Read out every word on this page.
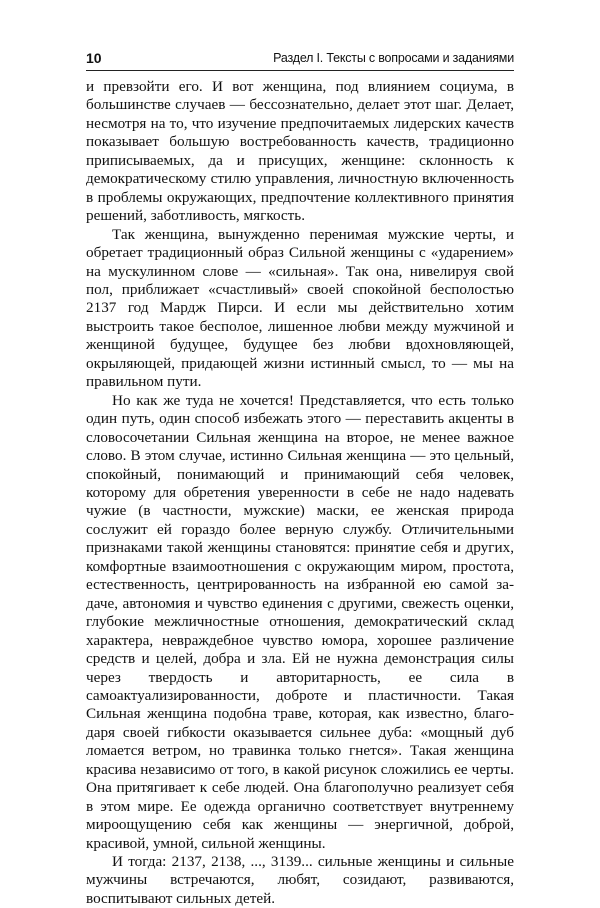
10	Раздел I. Тексты с вопросами и заданиями

и превзойти его. И вот женщина, под влиянием социума, в большинстве случаев — бессознательно, делает этот шаг. Делает, несмотря на то, что изучение предпочитаемых лидерских качеств показывает большую востребованность качеств, традиционно приписываемых, да и присущих, женщине: склонность к демократическому стилю управления, личностную включенность в проблемы окружающих, предпочтение коллективного принятия решений, заботливость, мягкость.

Так женщина, вынужденно перенимая мужские черты, и обретает традиционный образ Сильной женщины с «ударением» на мускулинном слове — «сильная». Так она, нивелируя свой пол, приближает «счастливый» своей спокойной бесполостью 2137 год Мардж Пирси. И если мы действительно хотим выстроить такое бесполое, лишенное любви между мужчиной и женщиной будущее, будущее без любви вдохновляющей, окрыляющей, придающей жизни истинный смысл, то — мы на правильном пути.

Но как же туда не хочется! Представляется, что есть только один путь, один способ избежать этого — переставить акценты в словосочетании Сильная женщина на второе, не менее важное слово. В этом случае, истинно Сильная женщина — это цельный, спокойный, понимающий и принимающий себя человек, которому для обретения уверенности в себе не надо надевать чужие (в частности, мужские) маски, ее женская природа сослужит ей гораздо более верную службу. Отличительными признаками такой женщины становятся: принятие себя и других, комфортные взаимоотношения с окружающим миром, простота, естественность, центрированность на избранной ею самой задаче, автономия и чувство единения с другими, свежесть оценки, глубокие межличностные отношения, демократический склад характера, невраждебное чувство юмора, хорошее различение средств и целей, добра и зла. Ей не нужна демонстрация силы через твердость и авторитарность, ее сила в самоактуализированности, доброте и пластичности. Такая Сильная женщина подобна траве, которая, как известно, благодаря своей гибкости оказывается сильнее дуба: «мощный дуб ломается ветром, но травинка только гнется». Такая женщина красива независимо от того, в какой рисунок сложились ее черты. Она притягивает к себе людей. Она благополучно реализует себя в этом мире. Ее одежда органично соответствует внутреннему мироощущению себя как женщины — энергичной, доброй, красивой, умной, сильной женщины.

И тогда: 2137, 2138, ..., 3139... сильные женщины и сильные мужчины встречаются, любят, созидают, развиваются, воспитывают сильных детей.
